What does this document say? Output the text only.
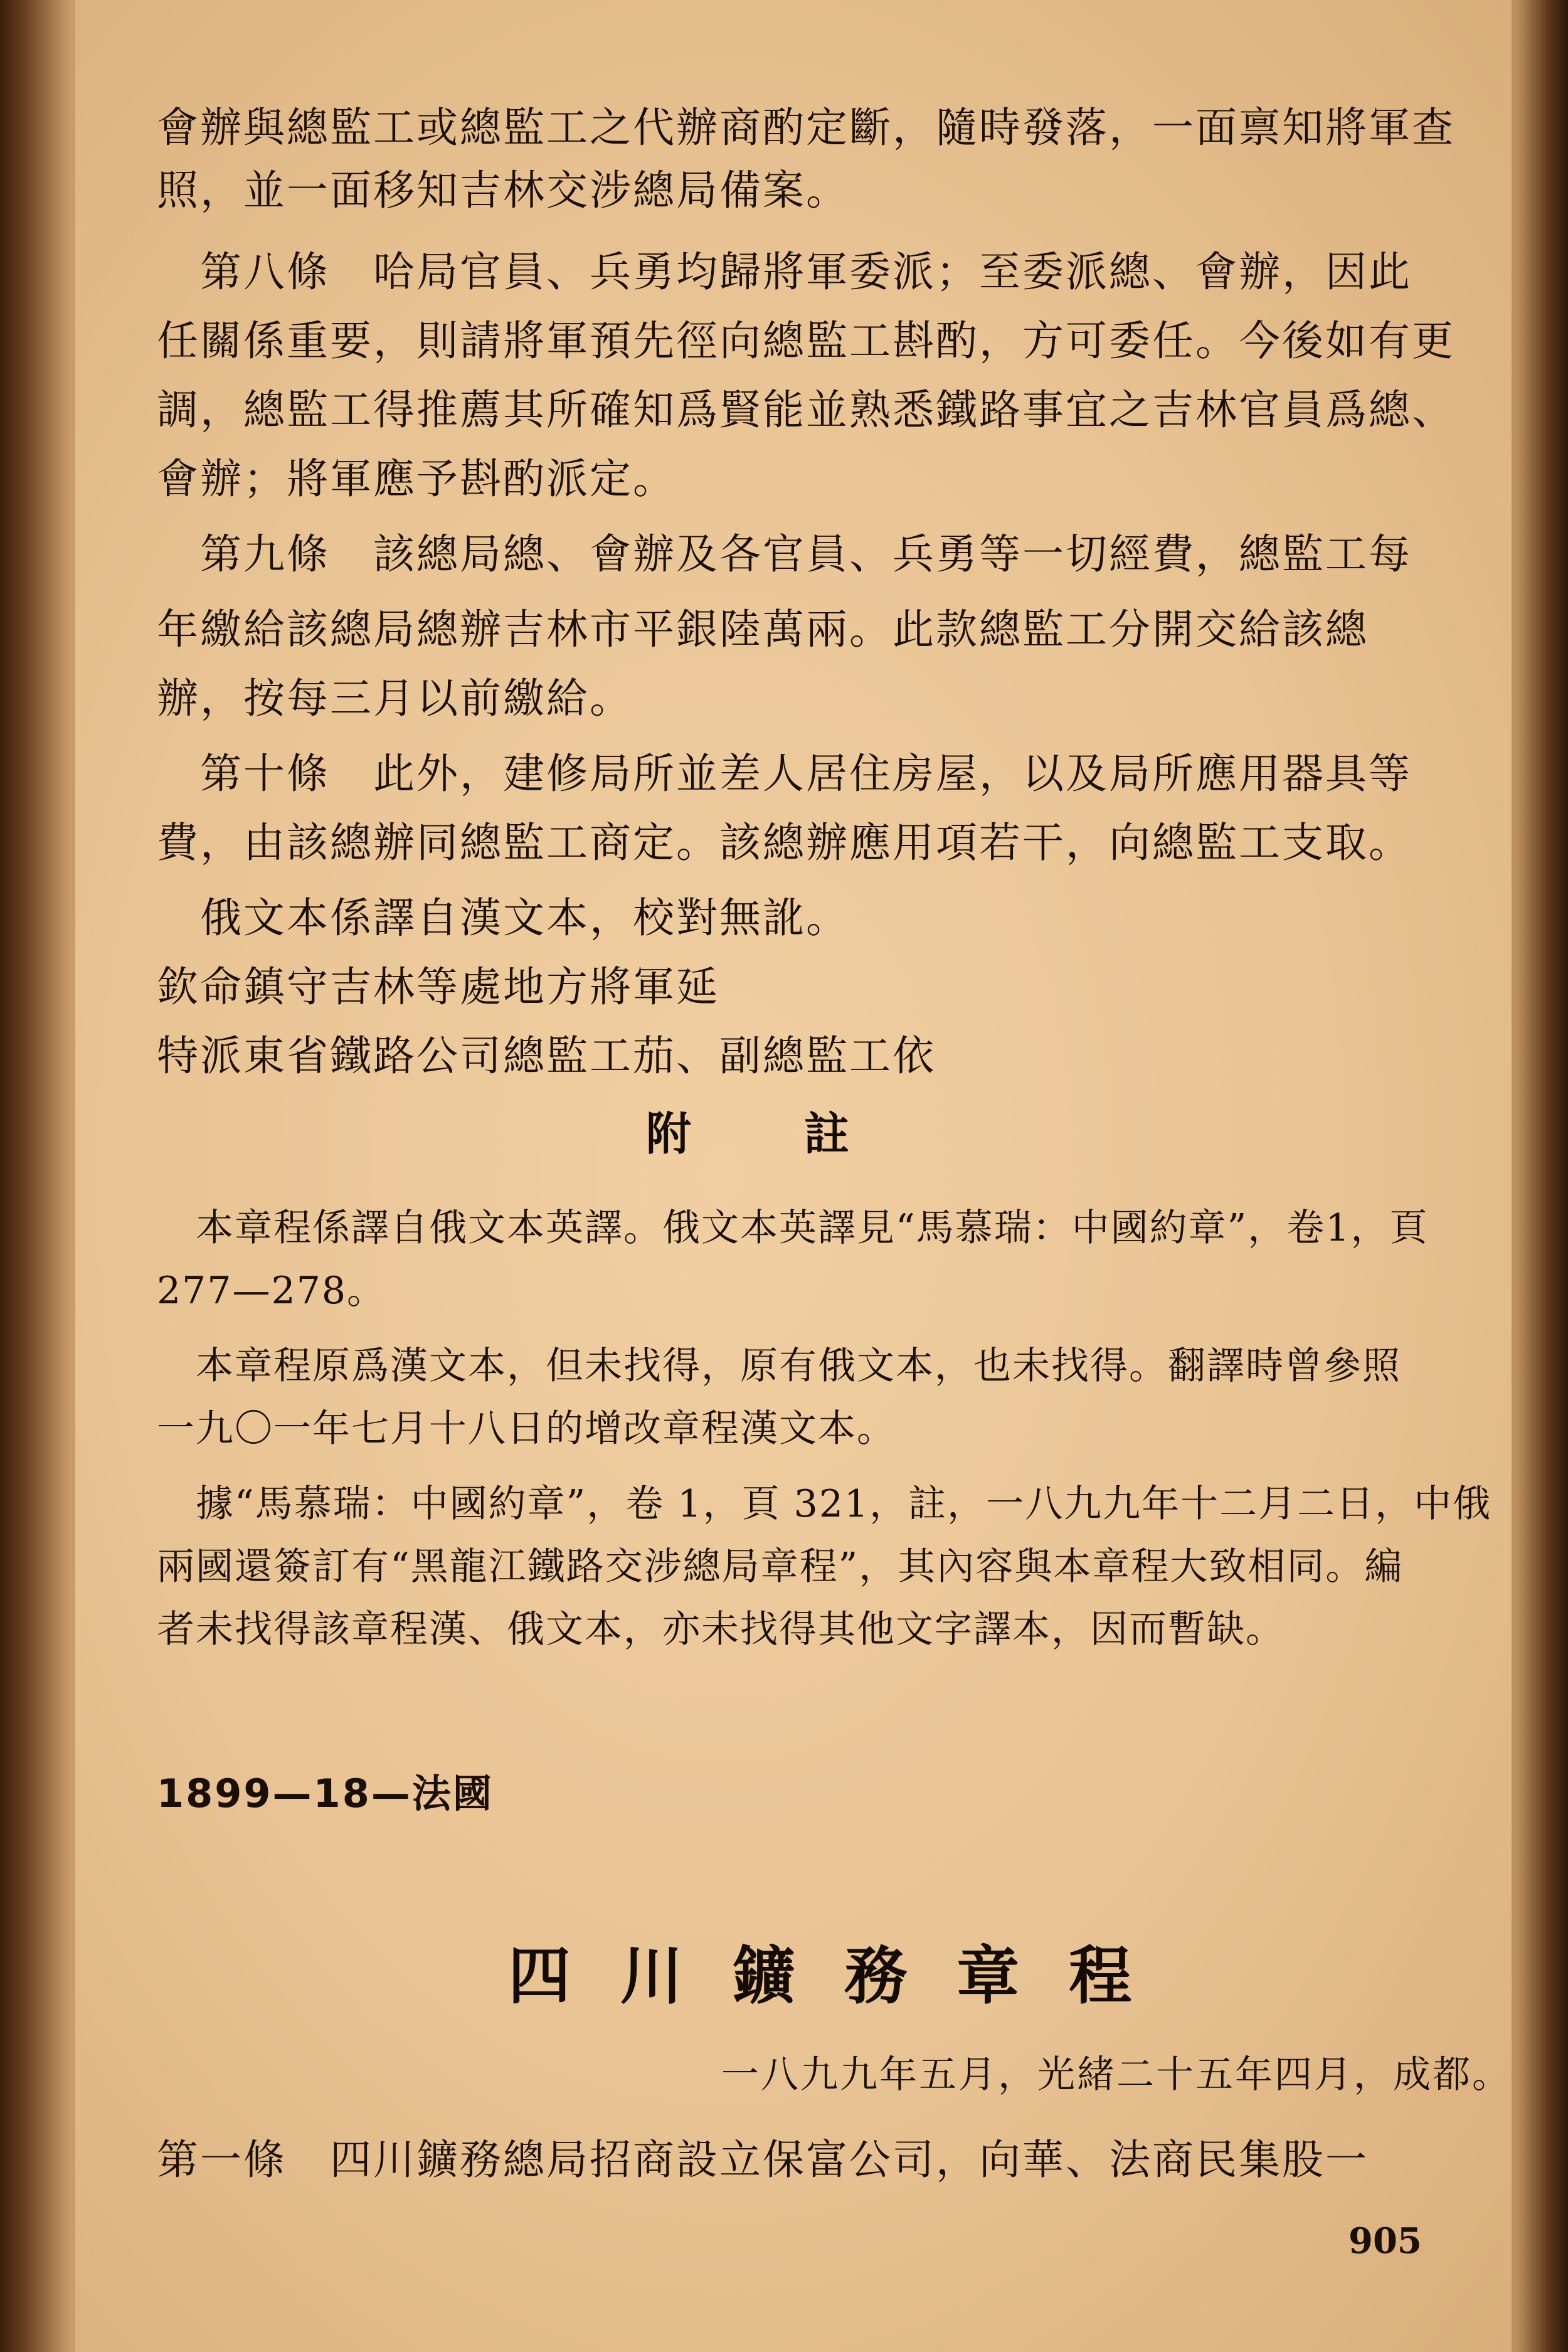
會辦與總監工或總監工之代辦商酌定斷，隨時發落，一面禀知將軍查
照，並一面移知吉林交涉總局備案。
　第八條　哈局官員、兵勇均歸將軍委派；至委派總、會辦，因此
任關係重要，則請將軍預先徑向總監工斟酌，方可委任。今後如有更
調，總監工得推薦其所確知爲賢能並熟悉鐵路事宜之吉林官員爲總、
會辦；將軍應予斟酌派定。
　第九條　該總局總、會辦及各官員、兵勇等一切經費，總監工每
年繳給該總局總辦吉林市平銀陸萬兩。此款總監工分開交給該總
辦，按每三月以前繳給。
　第十條　此外，建修局所並差人居住房屋，以及局所應用器具等
費，由該總辦同總監工商定。該總辦應用項若干，向總監工支取。
　俄文本係譯自漢文本，校對無訛。
欽命鎮守吉林等處地方將軍延
特派東省鐵路公司總監工茄、副總監工依
附　　註
　本章程係譯自俄文本英譯。俄文本英譯見“馬慕瑞：中國約章”，卷1，頁
277—278。
　本章程原爲漢文本，但未找得，原有俄文本，也未找得。翻譯時曾參照
一九〇一年七月十八日的增改章程漢文本。
　據“馬慕瑞：中國約章”，卷 1，頁 321，註，一八九九年十二月二日，中俄
兩國還簽訂有“黑龍江鐵路交涉總局章程”，其內容與本章程大致相同。編
者未找得該章程漢、俄文本，亦未找得其他文字譯本，因而暫缺。
1899—18—法國
四 川 鑛 務 章 程
一八九九年五月，光緒二十五年四月，成都。
第一條　四川鑛務總局招商設立保富公司，向華、法商民集股一
905
